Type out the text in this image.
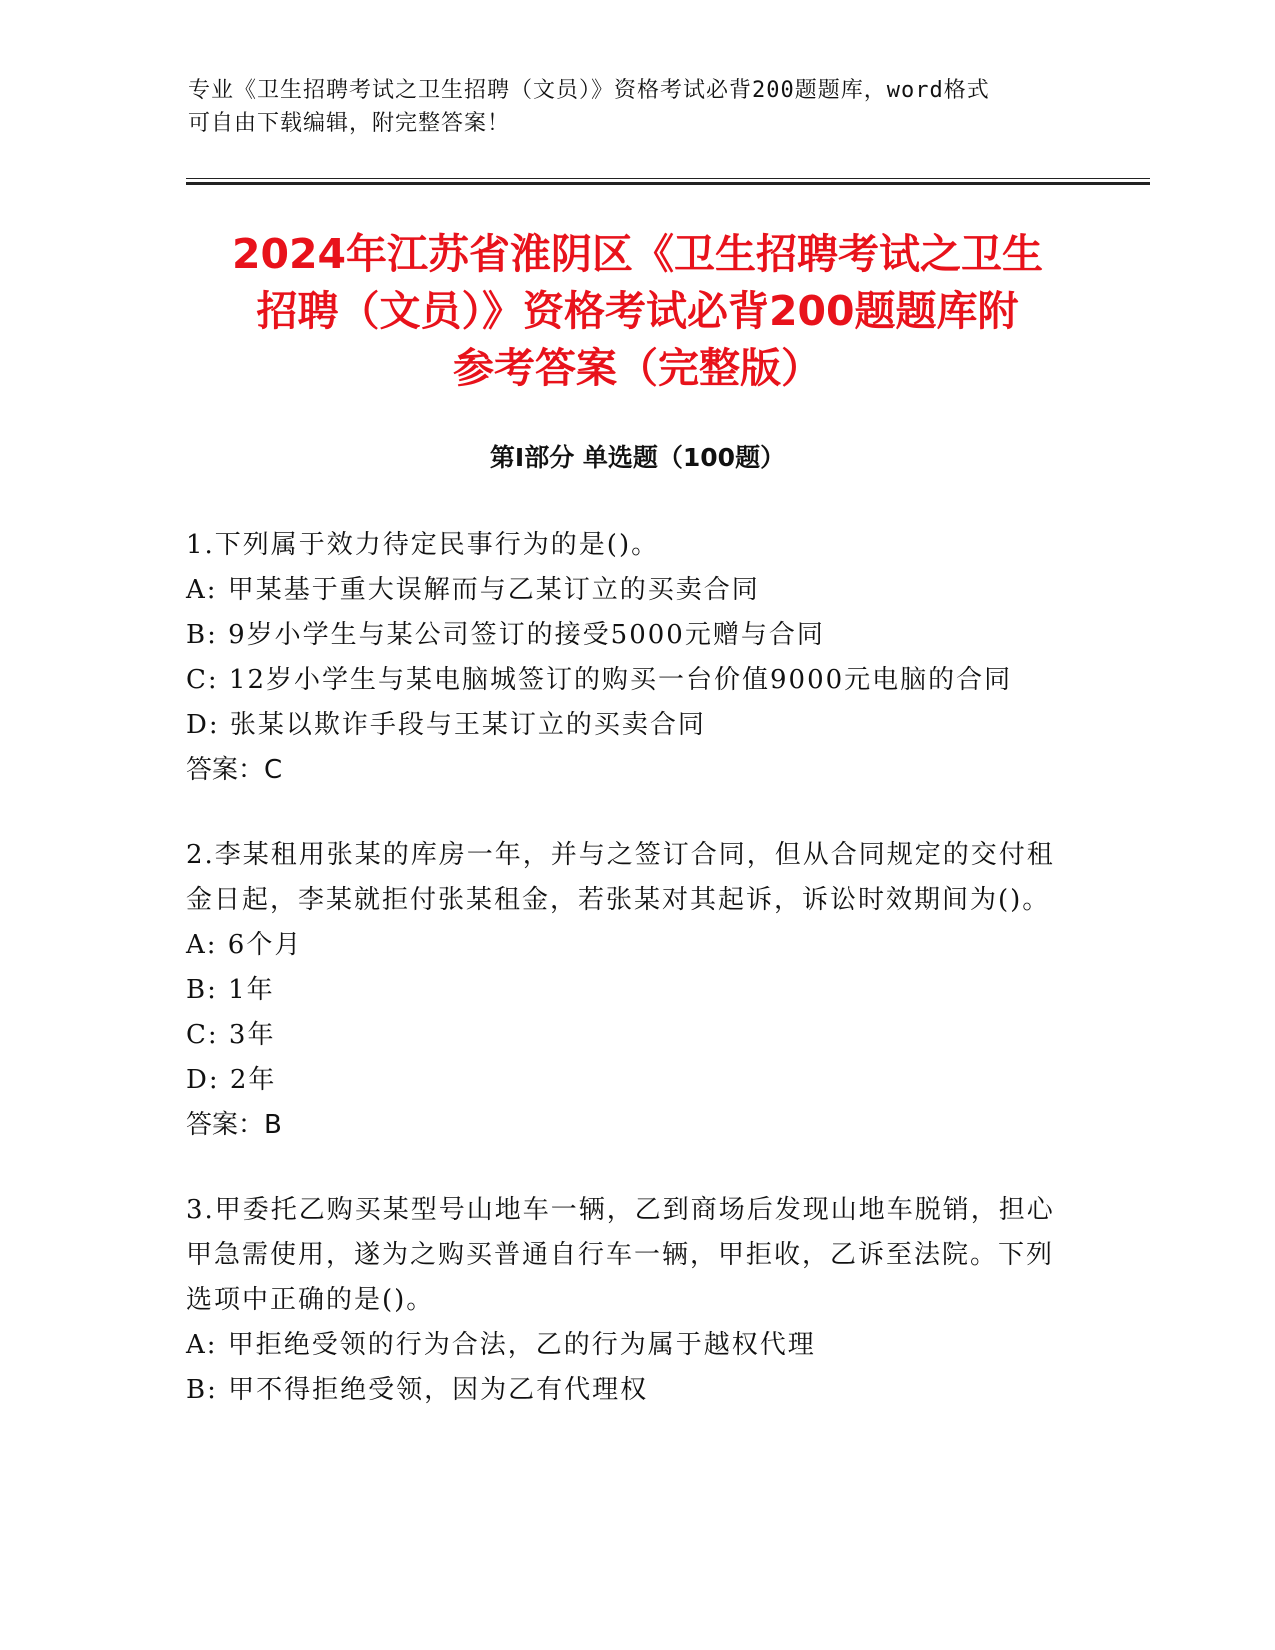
专业《卫生招聘考试之卫生招聘（文员）》资格考试必背200题题库，word格式
可自由下载编辑，附完整答案！
2024年江苏省淮阴区《卫生招聘考试之卫生
招聘（文员）》资格考试必背200题题库附
参考答案（完整版）
第Ⅰ部分 单选题（100题）
1.下列属于效力待定民事行为的是()。
A: 甲某基于重大误解而与乙某订立的买卖合同
B: 9岁小学生与某公司签订的接受5000元赠与合同
C: 12岁小学生与某电脑城签订的购买一台价值9000元电脑的合同
D: 张某以欺诈手段与王某订立的买卖合同
答案：C
2.李某租用张某的库房一年，并与之签订合同，但从合同规定的交付租金日起，李某就拒付张某租金，若张某对其起诉，诉讼时效期间为()。
A: 6个月
B: 1年
C: 3年
D: 2年
答案：B
3.甲委托乙购买某型号山地车一辆，乙到商场后发现山地车脱销，担心甲急需使用，遂为之购买普通自行车一辆，甲拒收，乙诉至法院。下列选项中正确的是()。
A: 甲拒绝受领的行为合法，乙的行为属于越权代理
B: 甲不得拒绝受领，因为乙有代理权
